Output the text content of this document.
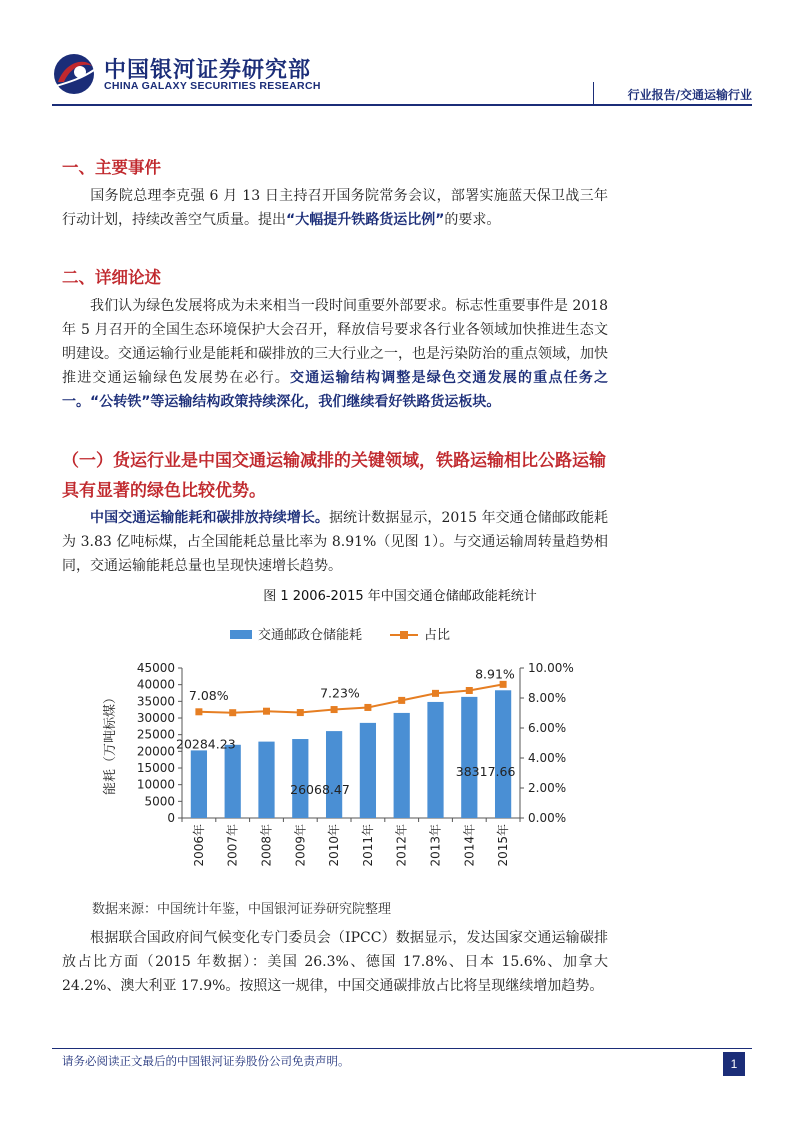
中国银河证券研究部
CHINA GALAXY SECURITIES RESEARCH
行业报告/交通运输行业
一、主要事件
国务院总理李克强 6 月 13 日主持召开国务院常务会议，部署实施蓝天保卫战三年行动计划，持续改善空气质量。提出“大幅提升铁路货运比例”的要求。
二、详细论述
我们认为绿色发展将成为未来相当一段时间重要外部要求。标志性重要事件是 2018 年 5 月召开的全国生态环境保护大会召开，释放信号要求各行业各领域加快推进生态文明建设。交通运输行业是能耗和碳排放的三大行业之一，也是污染防治的重点领域，加快推进交通运输绿色发展势在必行。交通运输结构调整是绿色交通发展的重点任务之一。“公转铁”等运输结构政策持续深化，我们继续看好铁路货运板块。
（一）货运行业是中国交通运输减排的关键领域，铁路运输相比公路运输具有显著的绿色比较优势。
中国交通运输能耗和碳排放持续增长。据统计数据显示，2015 年交通仓储邮政能耗为 3.83 亿吨标煤，占全国能耗总量比率为 8.91%（见图 1）。与交通运输周转量趋势相同，交通运输能耗总量也呈现快速增长趋势。
图 1 2006-2015 年中国交通仓储邮政能耗统计
交通邮政仓储能耗	占比
0
5000
10000
15000
20000
25000
30000
35000
40000
45000
0.00%
2.00%
4.00%
6.00%
8.00%
10.00%
能耗（万吨标煤）
2006年 2007年 2008年 2009年 2010年 2011年 2012年 2013年 2014年 2015年
7.08%	7.23%
8.91%
20284.23
26068.47
38317.66
数据来源：中国统计年鉴，中国银河证券研究院整理
根据联合国政府间气候变化专门委员会（IPCC）数据显示，发达国家交通运输碳排放占比方面（2015 年数据）：美国 26.3%、德国 17.8%、日本 15.6%、加拿大 24.2%、澳大利亚 17.9%。按照这一规律，中国交通碳排放占比将呈现继续增加趋势。
请务必阅读正文最后的中国银河证券股份公司免责声明。	1
